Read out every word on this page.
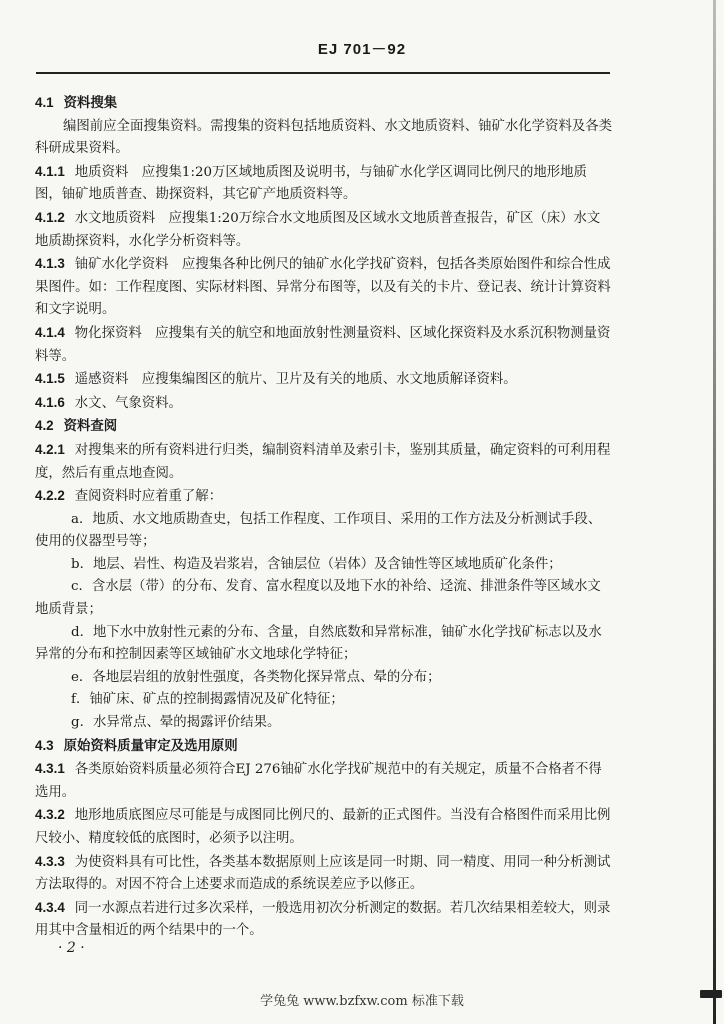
EJ 701－92

4.1 资料搜集

编图前应全面搜集资料。需搜集的资料包括地质资料、水文地质资料、铀矿水化学资料及各类科研成果资料。

4.1.1 地质资料　应搜集1:20万区域地质图及说明书，与铀矿水化学区调同比例尺的地形地质图，铀矿地质普查、勘探资料，其它矿产地质资料等。

4.1.2 水文地质资料　应搜集1:20万综合水文地质图及区域水文地质普查报告，矿区（床）水文地质勘探资料，水化学分析资料等。

4.1.3 铀矿水化学资料　应搜集各种比例尺的铀矿水化学找矿资料，包括各类原始图件和综合性成果图件。如：工作程度图、实际材料图、异常分布图等，以及有关的卡片、登记表、统计计算资料和文字说明。

4.1.4 物化探资料　应搜集有关的航空和地面放射性测量资料、区域化探资料及水系沉积物测量资料等。

4.1.5 遥感资料　应搜集编图区的航片、卫片及有关的地质、水文地质解译资料。

4.1.6 水文、气象资料。

4.2 资料查阅

4.2.1 对搜集来的所有资料进行归类，编制资料清单及索引卡，鉴别其质量，确定资料的可利用程度，然后有重点地查阅。

4.2.2 查阅资料时应着重了解：

a．地质、水文地质勘查史，包括工作程度、工作项目、采用的工作方法及分析测试手段、使用的仪器型号等；

b．地层、岩性、构造及岩浆岩，含铀层位（岩体）及含铀性等区域地质矿化条件；

c．含水层（带）的分布、发育、富水程度以及地下水的补给、迳流、排泄条件等区域水文地质背景；

d．地下水中放射性元素的分布、含量，自然底数和异常标准，铀矿水化学找矿标志以及水异常的分布和控制因素等区域铀矿水文地球化学特征；

e．各地层岩组的放射性强度，各类物化探异常点、晕的分布；

f．铀矿床、矿点的控制揭露情况及矿化特征；

g．水异常点、晕的揭露评价结果。

4.3 原始资料质量审定及选用原则

4.3.1 各类原始资料质量必须符合EJ 276铀矿水化学找矿规范中的有关规定，质量不合格者不得选用。

4.3.2 地形地质底图应尽可能是与成图同比例尺的、最新的正式图件。当没有合格图件而采用比例尺较小、精度较低的底图时，必须予以注明。

4.3.3 为使资料具有可比性，各类基本数据原则上应该是同一时期、同一精度、用同一种分析测试方法取得的。对因不符合上述要求而造成的系统误差应予以修正。

4.3.4 同一水源点若进行过多次采样，一般选用初次分析测定的数据。若几次结果相差较大，则录用其中含量相近的两个结果中的一个。

· 2 ·
学兔兔 www.bzfxw.com 标准下载
